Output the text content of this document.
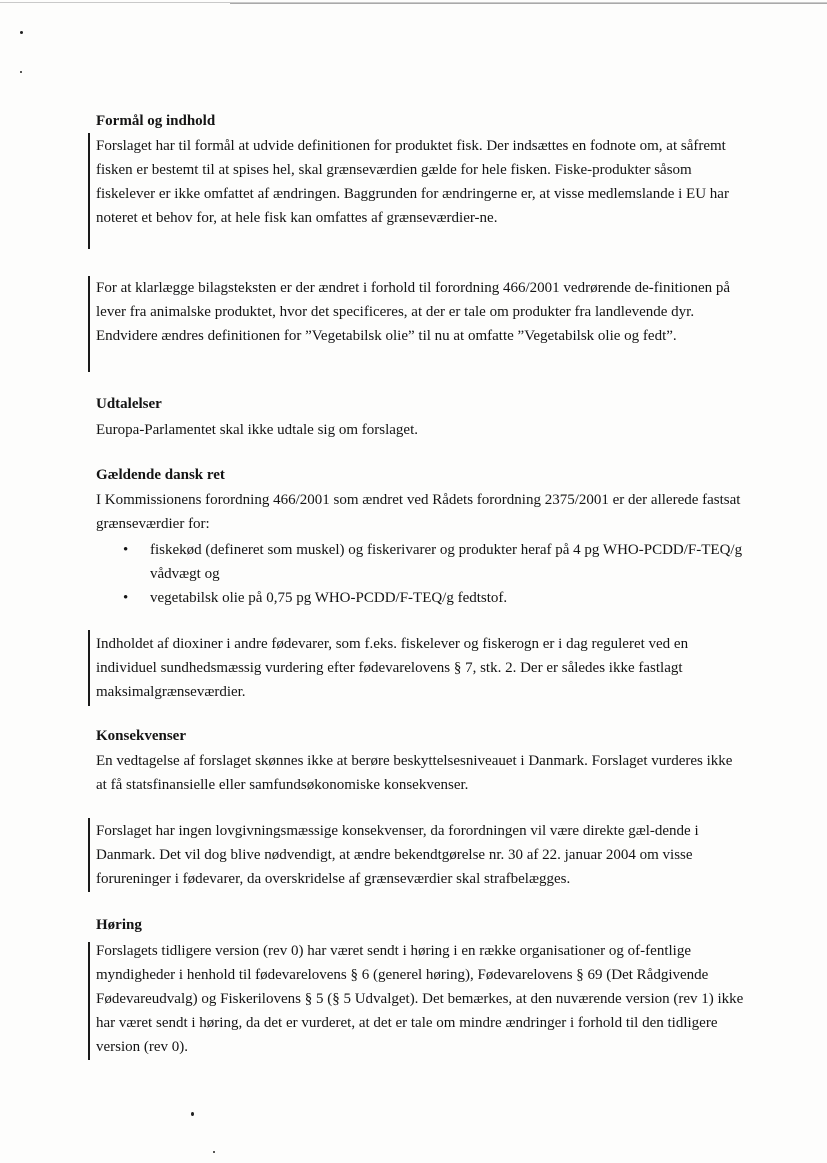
Formål og indhold

Forslaget har til formål at udvide definitionen for produktet fisk. Der indsættes en fodnote om, at såfremt fisken er bestemt til at spises hel, skal grænseværdien gælde for hele fisken. Fiske-produkter såsom fiskelever er ikke omfattet af ændringen. Baggrunden for ændringerne er, at visse medlemslande i EU har noteret et behov for, at hele fisk kan omfattes af grænseværdier-ne.

For at klarlægge bilagsteksten er der ændret i forhold til forordning 466/2001 vedrørende de-finitionen på lever fra animalske produktet, hvor det specificeres, at der er tale om produkter fra landlevende dyr. Endvidere ændres definitionen for ”Vegetabilsk olie” til nu at omfatte ”Vegetabilsk olie og fedt”.

Udtalelser

Europa-Parlamentet skal ikke udtale sig om forslaget.

Gældende dansk ret

I Kommissionens forordning 466/2001 som ændret ved Rådets forordning 2375/2001 er der allerede fastsat grænseværdier for:

• fiskekød (defineret som muskel) og fiskerivarer og produkter heraf på 4 pg WHO-PCDD/F-TEQ/g vådvægt og
• vegetabilsk olie på 0,75 pg WHO-PCDD/F-TEQ/g fedtstof.

Indholdet af dioxiner i andre fødevarer, som f.eks. fiskelever og fiskerogn er i dag reguleret ved en individuel sundhedsmæssig vurdering efter fødevarelovens § 7, stk. 2. Der er således ikke fastlagt maksimalgrænseværdier.

Konsekvenser

En vedtagelse af forslaget skønnes ikke at berøre beskyttelsesniveauet i Danmark. Forslaget vurderes ikke at få statsfinansielle eller samfundsøkonomiske konsekvenser.

Forslaget har ingen lovgivningsmæssige konsekvenser, da forordningen vil være direkte gæl-dende i Danmark. Det vil dog blive nødvendigt, at ændre bekendtgørelse nr. 30 af 22. januar 2004 om visse forureninger i fødevarer, da overskridelse af grænseværdier skal strafbelægges.

Høring

Forslagets tidligere version (rev 0) har været sendt i høring i en række organisationer og of-fentlige myndigheder i henhold til fødevarelovens § 6 (generel høring), Fødevarelovens § 69 (Det Rådgivende Fødevareudvalg) og Fiskerilovens § 5 (§ 5 Udvalget). Det bemærkes, at den nuværende version (rev 1) ikke har været sendt i høring, da det er vurderet, at det er tale om mindre ændringer i forhold til den tidligere version (rev 0).
